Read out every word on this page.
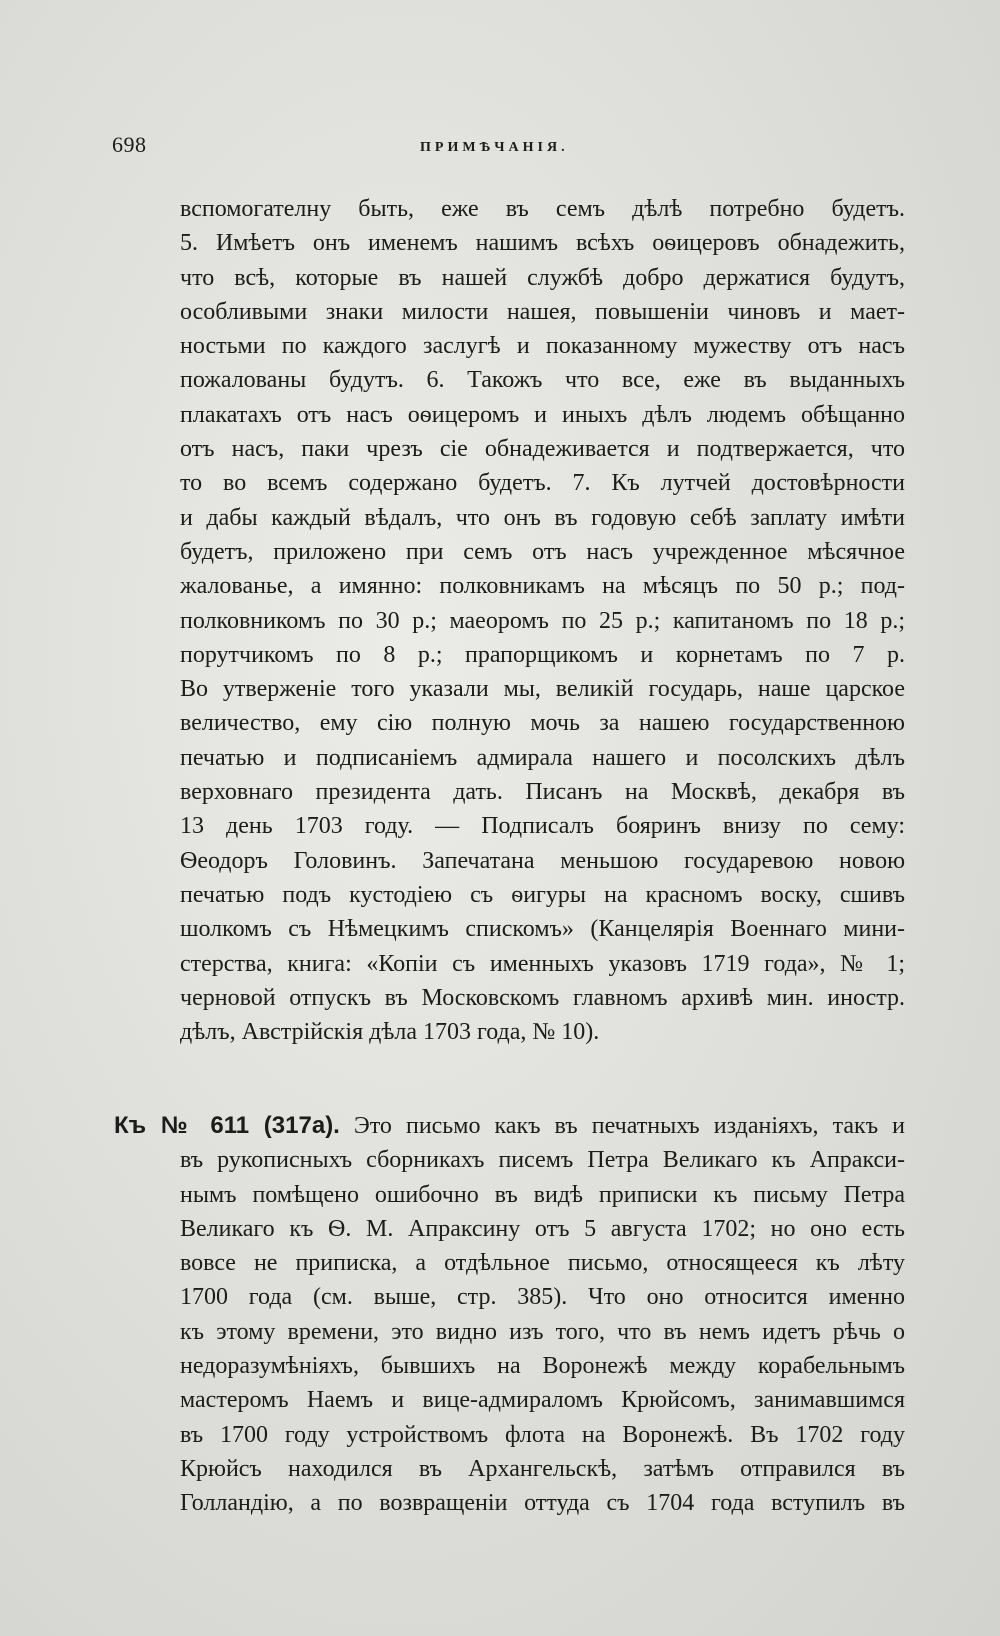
698	ПРИМѢЧАНІЯ.
вспомогателну быть, еже въ семъ дѣлѣ потребно будетъ.
5. Имѣетъ онъ именемъ нашимъ всѣхъ оѳицеровъ обнадежить,
что всѣ, которые въ нашей службѣ добро держатися будутъ,
особливыми знаки милости нашея, повышеніи чиновъ и мает-
ностьми по каждого заслугѣ и показанному мужеству отъ насъ
пожалованы будутъ. 6. Такожъ что все, еже въ выданныхъ
плакатахъ отъ насъ оѳицеромъ и иныхъ дѣлъ людемъ обѣщанно
отъ насъ, паки чрезъ сіе обнадеживается и подтвержается, что
то во всемъ содержано будетъ. 7. Къ лутчей достовѣрности
и дабы каждый вѣдалъ, что онъ въ годовую себѣ заплату имѣти
будетъ, приложено при семъ отъ насъ учрежденное мѣсячное
жалованье, а имянно: полковникамъ на мѣсяцъ по 50 р.; под-
полковникомъ по 30 р.; маеоромъ по 25 р.; капитаномъ по 18 р.;
порутчикомъ по 8 р.; прапорщикомъ и корнетамъ по 7 р.
Во утверженіе того указали мы, великій государь, наше царское
величество, ему сію полную мочь за нашею государственною
печатью и подписаніемъ адмирала нашего и посолскихъ дѣлъ
верховнаго президента дать. Писанъ на Москвѣ, декабря въ
13 день 1703 году. — Подписалъ бояринъ внизу по сему:
Ѳеодоръ Головинъ. Запечатана меньшою государевою новою
печатью подъ кустодіею съ ѳигуры на красномъ воску, сшивъ
шолкомъ съ Нѣмецкимъ спискомъ» (Канцелярія Военнаго мини-
стерства, книга: «Копіи съ именныхъ указовъ 1719 года», № 1;
черновой отпускъ въ Московскомъ главномъ архивѣ мин. иностр.
дѣлъ, Австрійскія дѣла 1703 года, № 10).
Къ № 611 (317а). Это письмо какъ въ печатныхъ изданіяхъ, такъ и
въ рукописныхъ сборникахъ писемъ Петра Великаго къ Апракси-
нымъ помѣщено ошибочно въ видѣ приписки къ письму Петра
Великаго къ Ѳ. М. Апраксину отъ 5 августа 1702; но оно есть
вовсе не приписка, а отдѣльное письмо, относящееся къ лѣту
1700 года (см. выше, стр. 385). Что оно относится именно
къ этому времени, это видно изъ того, что въ немъ идетъ рѣчь о
недоразумѣніяхъ, бывшихъ на Воронежѣ между корабельнымъ
мастеромъ Наемъ и вице-адмираломъ Крюйсомъ, занимавшимся
въ 1700 году устройствомъ флота на Воронежѣ. Въ 1702 году
Крюйсъ находился въ Архангельскѣ, затѣмъ отправился въ
Голландію, а по возвращеніи оттуда съ 1704 года вступилъ въ
